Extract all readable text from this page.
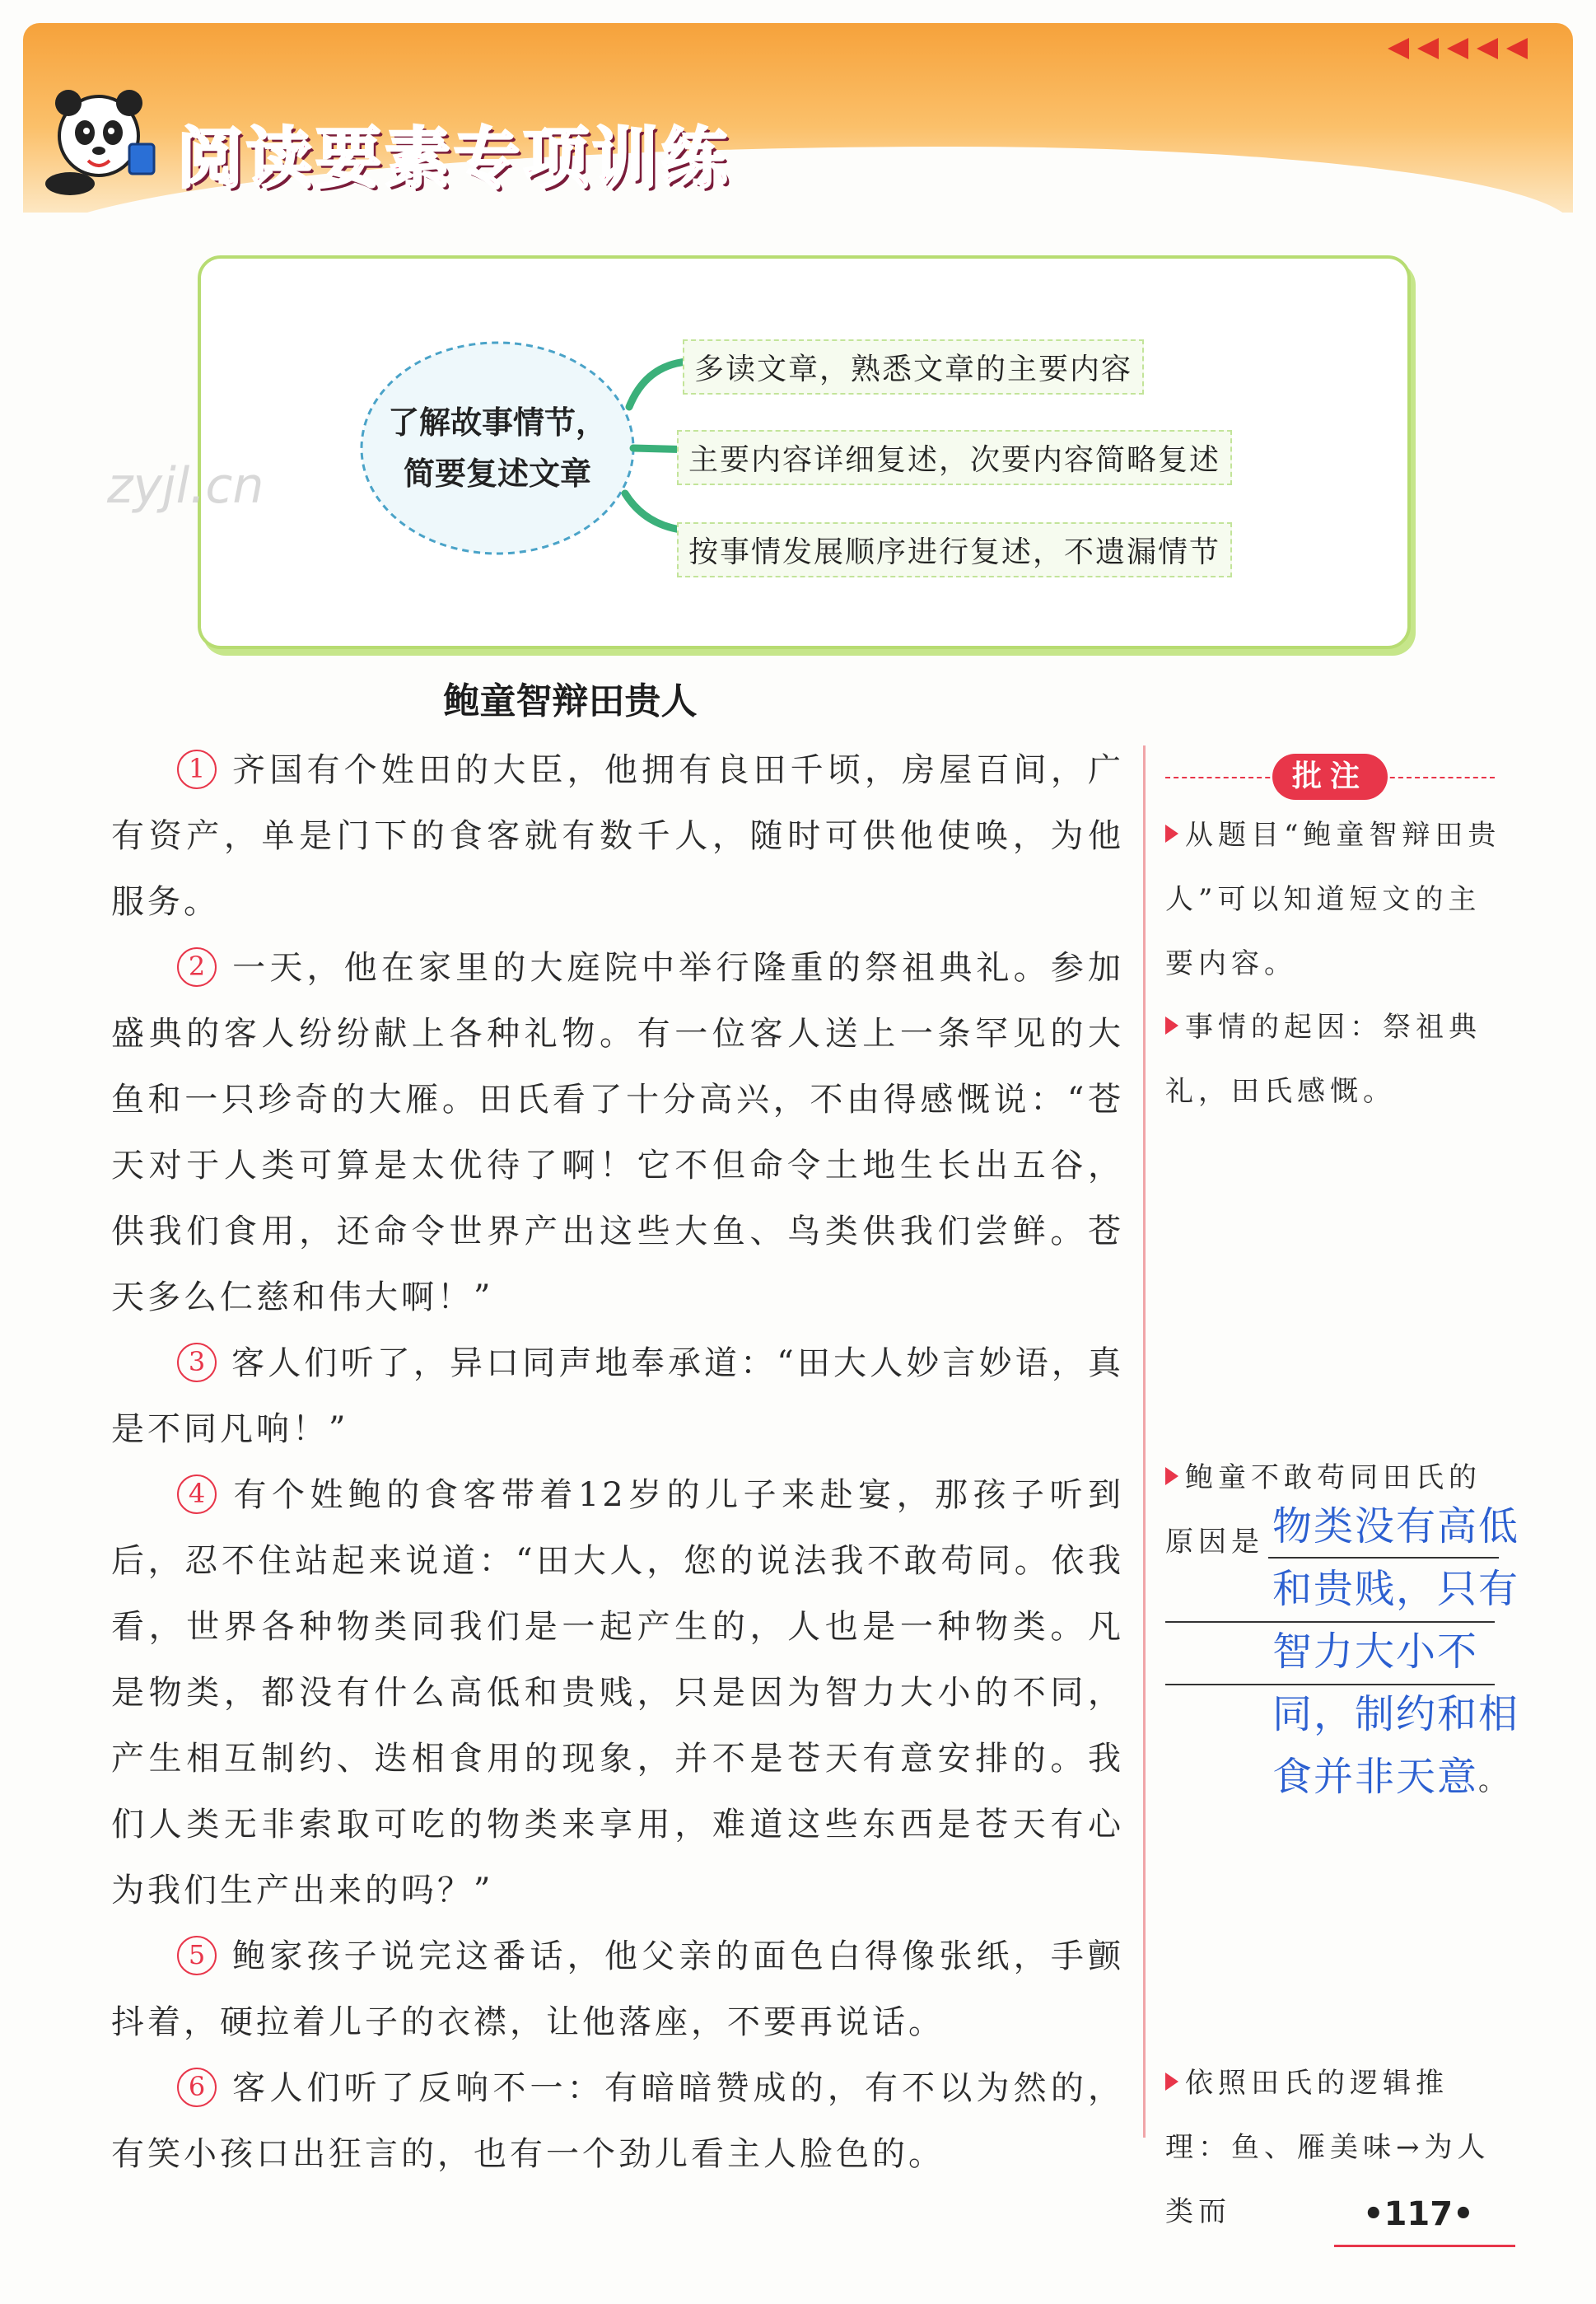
阅读要素专项训练
了解故事情节，
简要复述文章
多读文章，熟悉文章的主要内容
主要内容详细复述，次要内容简略复述
按事情发展顺序进行复述，不遗漏情节
zyjl.cn
鲍童智辩田贵人

1 齐国有个姓田的大臣，他拥有良田千顷，房屋百间，广有资产，单是门下的食客就有数千人，随时可供他使唤，为他服务。

2 一天，他在家里的大庭院中举行隆重的祭祖典礼。参加盛典的客人纷纷献上各种礼物。有一位客人送上一条罕见的大鱼和一只珍奇的大雁。田氏看了十分高兴，不由得感慨说：“苍天对于人类可算是太优待了啊！它不但命令土地生长出五谷，供我们食用，还命令世界产出这些大鱼、鸟类供我们尝鲜。苍天多么仁慈和伟大啊！”

3 客人们听了，异口同声地奉承道：“田大人妙言妙语，真是不同凡响！”

4 有个姓鲍的食客带着12岁的儿子来赴宴，那孩子听到后，忍不住站起来说道：“田大人，您的说法我不敢苟同。依我看，世界各种物类同我们是一起产生的，人也是一种物类。凡是物类，都没有什么高低和贵贱，只是因为智力大小的不同，产生相互制约、迭相食用的现象，并不是苍天有意安排的。我们人类无非索取可吃的物类来享用，难道这些东西是苍天有心为我们生产出来的吗？”

5 鲍家孩子说完这番话，他父亲的面色白得像张纸，手颤抖着，硬拉着儿子的衣襟，让他落座，不要再说话。

6 客人们听了反响不一：有暗暗赞成的，有不以为然的，有笑小孩口出狂言的，也有一个劲儿看主人脸色的。

批注
从题目“鲍童智辩田贵人”可以知道短文的主要内容。
事情的起因：祭祖典礼，田氏感慨。
鲍童不敢苟同田氏的原因是 物类没有高低和贵贱，只有智力大小不同，制约和相食并非天意。
依照田氏的逻辑推理：鱼、雁美味→为人类而	•117•
